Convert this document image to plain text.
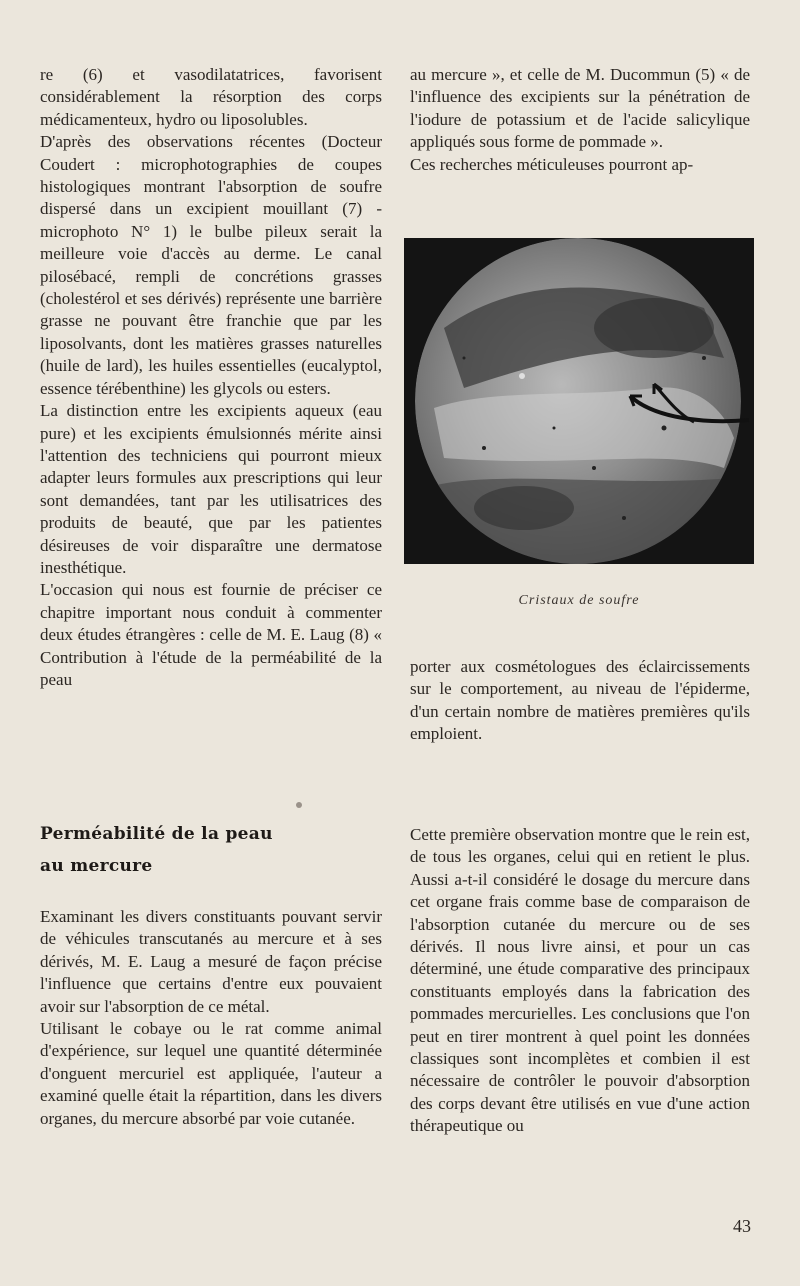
re (6) et vasodilatatrices, favorisent considérablement la résorption des corps médicamenteux, hydro ou liposolubles.

D'après des observations récentes (Docteur Coudert : microphotographies de coupes histologiques montrant l'absorption de soufre dispersé dans un excipient mouillant (7) - microphoto N° 1) le bulbe pileux serait la meilleure voie d'accès au derme. Le canal pilosébacé, rempli de concrétions grasses (cholestérol et ses dérivés) représente une barrière grasse ne pouvant être franchie que par les liposolvants, dont les matières grasses naturelles (huile de lard), les huiles essentielles (eucalyptol, essence térébenthine) les glycols ou esters.

La distinction entre les excipients aqueux (eau pure) et les excipients émulsionnés mérite ainsi l'attention des techniciens qui pourront mieux adapter leurs formules aux prescriptions qui leur sont demandées, tant par les utilisatrices des produits de beauté, que par les patientes désireuses de voir disparaître une dermatose inesthétique.

L'occasion qui nous est fournie de préciser ce chapitre important nous conduit à commenter deux études étrangères : celle de M. E. Laug (8) « Contribution à l'étude de la perméabilité de la peau

au mercure », et celle de M. Ducommun (5) « de l'influence des excipients sur la pénétration de l'iodure de potassium et de l'acide salicylique appliqués sous forme de pommade ».

Ces recherches méticuleuses pourront ap-

Cristaux de soufre

porter aux cosmétologues des éclaircissements sur le comportement, au niveau de l'épiderme, d'un certain nombre de matières premières qu'ils emploient.

Perméabilité de la peau
au mercure

Examinant les divers constituants pouvant servir de véhicules transcutanés au mercure et à ses dérivés, M. E. Laug a mesuré de façon précise l'influence que certains d'entre eux pouvaient avoir sur l'absorption de ce métal.

Utilisant le cobaye ou le rat comme animal d'expérience, sur lequel une quantité déterminée d'onguent mercuriel est appliquée, l'auteur a examiné quelle était la répartition, dans les divers organes, du mercure absorbé par voie cutanée.

Cette première observation montre que le rein est, de tous les organes, celui qui en retient le plus. Aussi a-t-il considéré le dosage du mercure dans cet organe frais comme base de comparaison de l'absorption cutanée du mercure ou de ses dérivés. Il nous livre ainsi, et pour un cas déterminé, une étude comparative des principaux constituants employés dans la fabrication des pommades mercurielles. Les conclusions que l'on peut en tirer montrent à quel point les données classiques sont incomplètes et combien il est nécessaire de contrôler le pouvoir d'absorption des corps devant être utilisés en vue d'une action thérapeutique ou

43
